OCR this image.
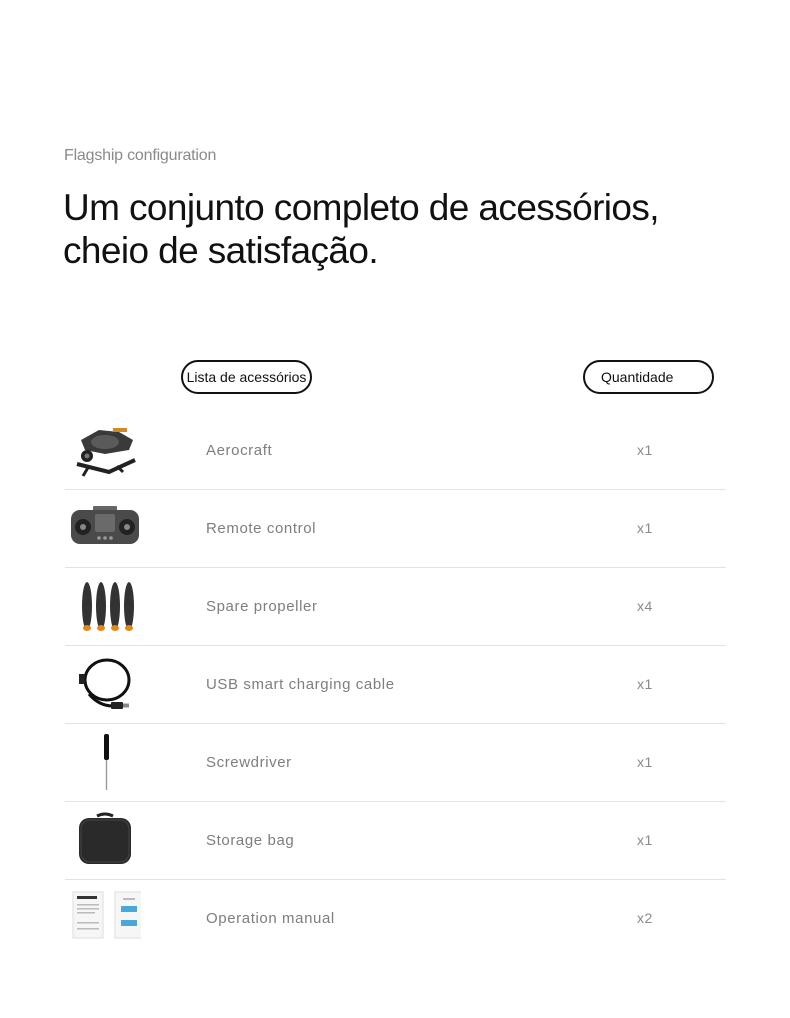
Flagship configuration
Um conjunto completo de acessórios,
cheio de satisfação.
Lista de acessórios	Quantidade
Aerocraft	x1
Remote control	x1
Spare propeller	x4
USB smart charging cable	x1
Screwdriver	x1
Storage bag	x1
Operation manual	x2
